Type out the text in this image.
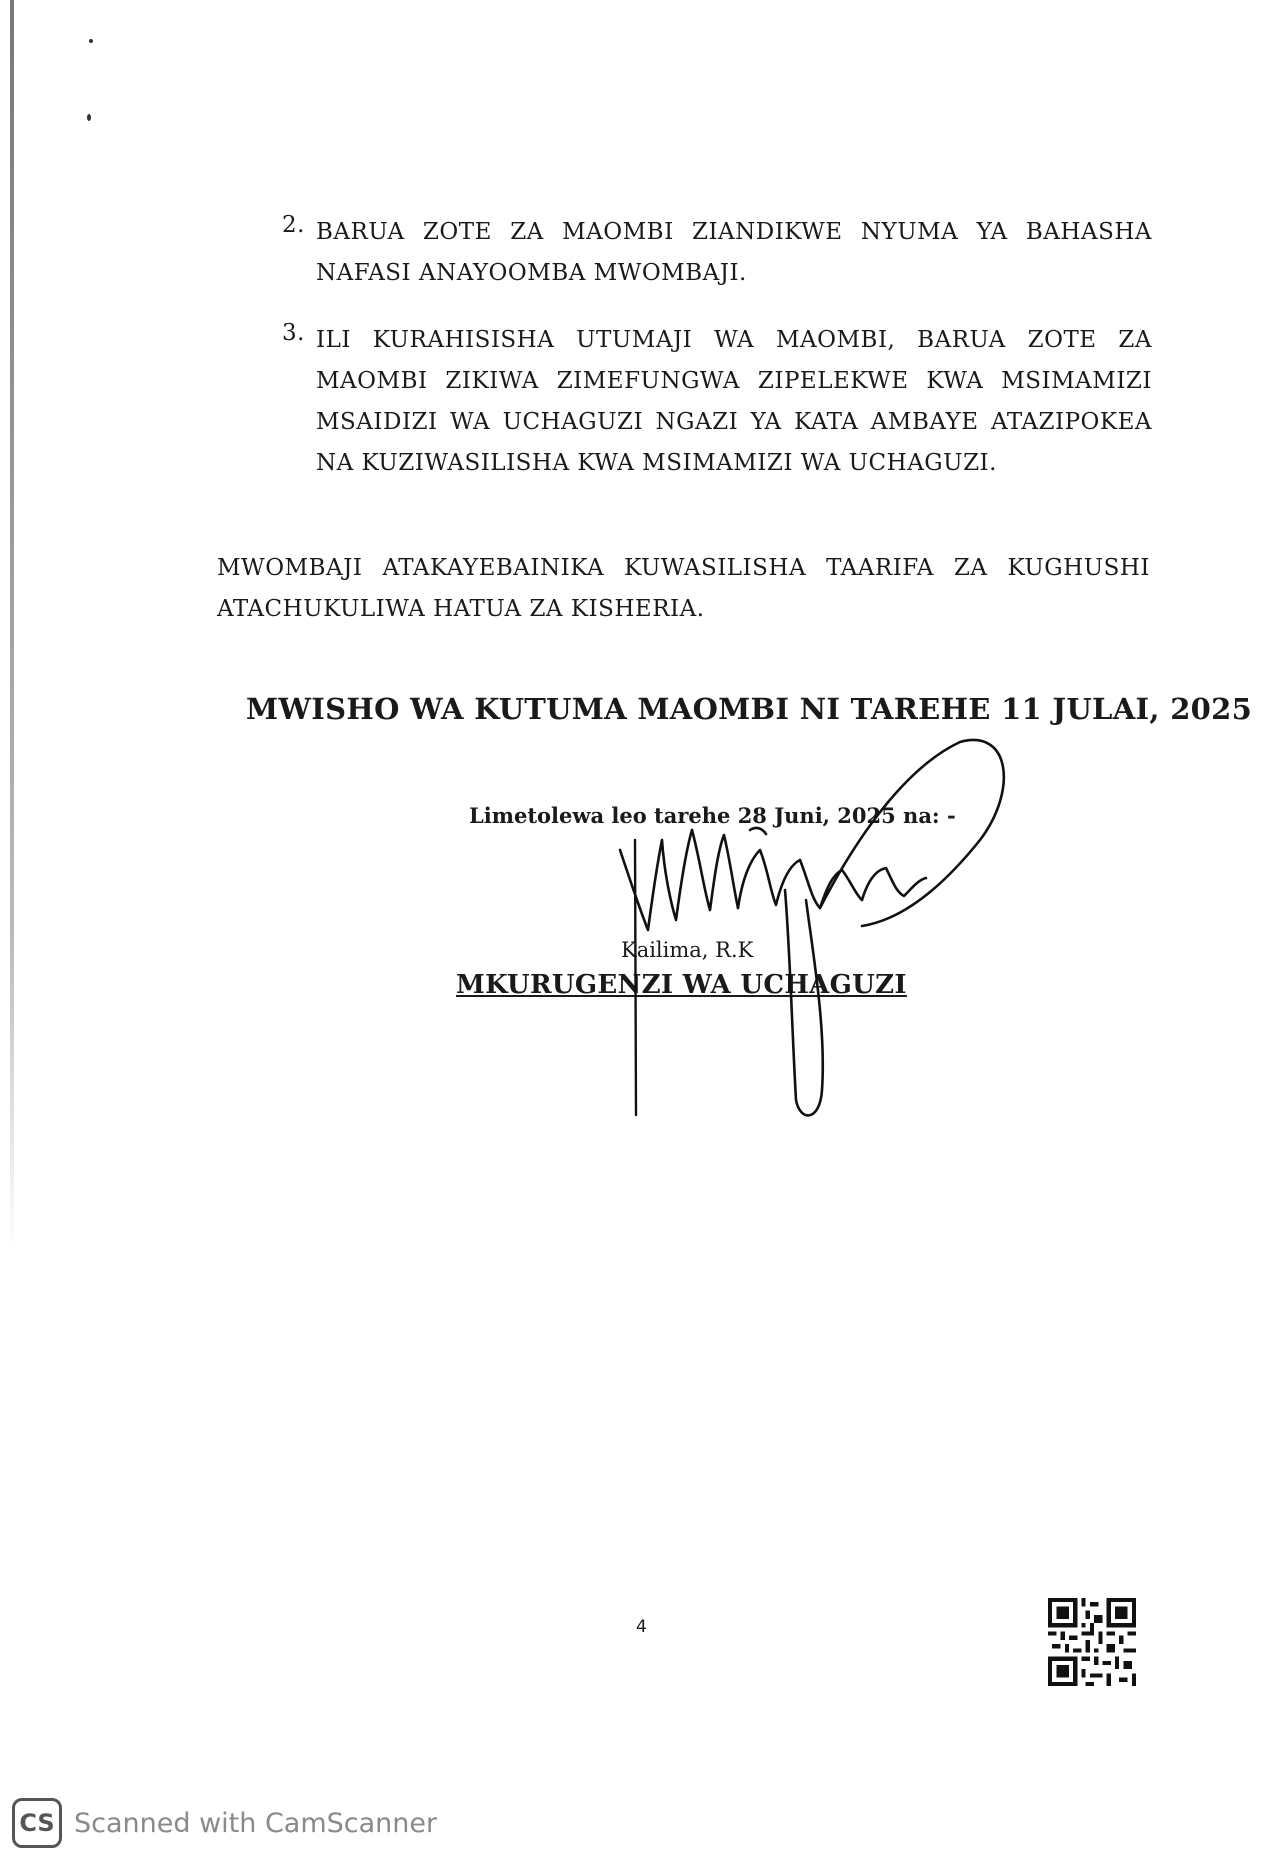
2. BARUA ZOTE ZA MAOMBI ZIANDIKWE NYUMA YA BAHASHA
NAFASI ANAYOOMBA MWOMBAJI.
3. ILI KURAHISISHA UTUMAJI WA MAOMBI, BARUA ZOTE ZA
MAOMBI ZIKIWA ZIMEFUNGWA ZIPELEKWE KWA MSIMAMIZI
MSAIDIZI WA UCHAGUZI NGAZI YA KATA AMBAYE ATAZIPOKEA
NA KUZIWASILISHA KWA MSIMAMIZI WA UCHAGUZI.
MWOMBAJI ATAKAYEBAINIKA KUWASILISHA TAARIFA ZA KUGHUSHI
ATACHUKULIWA HATUA ZA KISHERIA.
MWISHO WA KUTUMA MAOMBI NI TAREHE 11 JULAI, 2025
Limetolewa leo tarehe 28 Juni, 2025 na: -
Kailima, R.K
MKURUGENZI WA UCHAGUZI
4
CS Scanned with CamScanner
